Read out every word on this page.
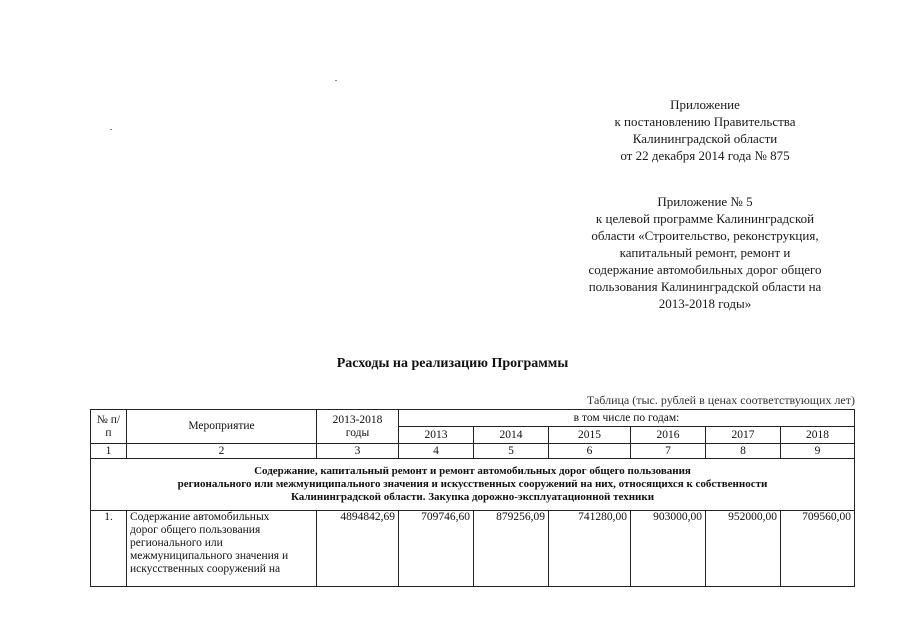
Приложение
к постановлению Правительства
Калининградской области
от 22 декабря 2014 года № 875
Приложение № 5
к целевой программе Калининградской
области «Строительство, реконструкция,
капитальный ремонт, ремонт и
содержание автомобильных дорог общего
пользования Калининградской области на
2013-2018 годы»
Расходы на реализацию Программы
Таблица (тыс. рублей в ценах соответствующих лет)
№ п/п	Мероприятие	2013-2018 годы	в том числе по годам:					
			2013	2014	2015	2016	2017	2018
1	2	3	4	5	6	7	8	9

Содержание, капитальный ремонт и ремонт автомобильных дорог общего пользования
регионального или межмуниципального значения и искусственных сооружений на них, относящихся к собственности
Калининградской области. Закупка дорожно-эксплуатационной техники								

1.	Содержание автомобильных
дорог общего пользования
регионального или
межмуниципального значения и
искусственных сооружений на	4894842,69	709746,60	879256,09	741280,00	903000,00	952000,00	709560,00
